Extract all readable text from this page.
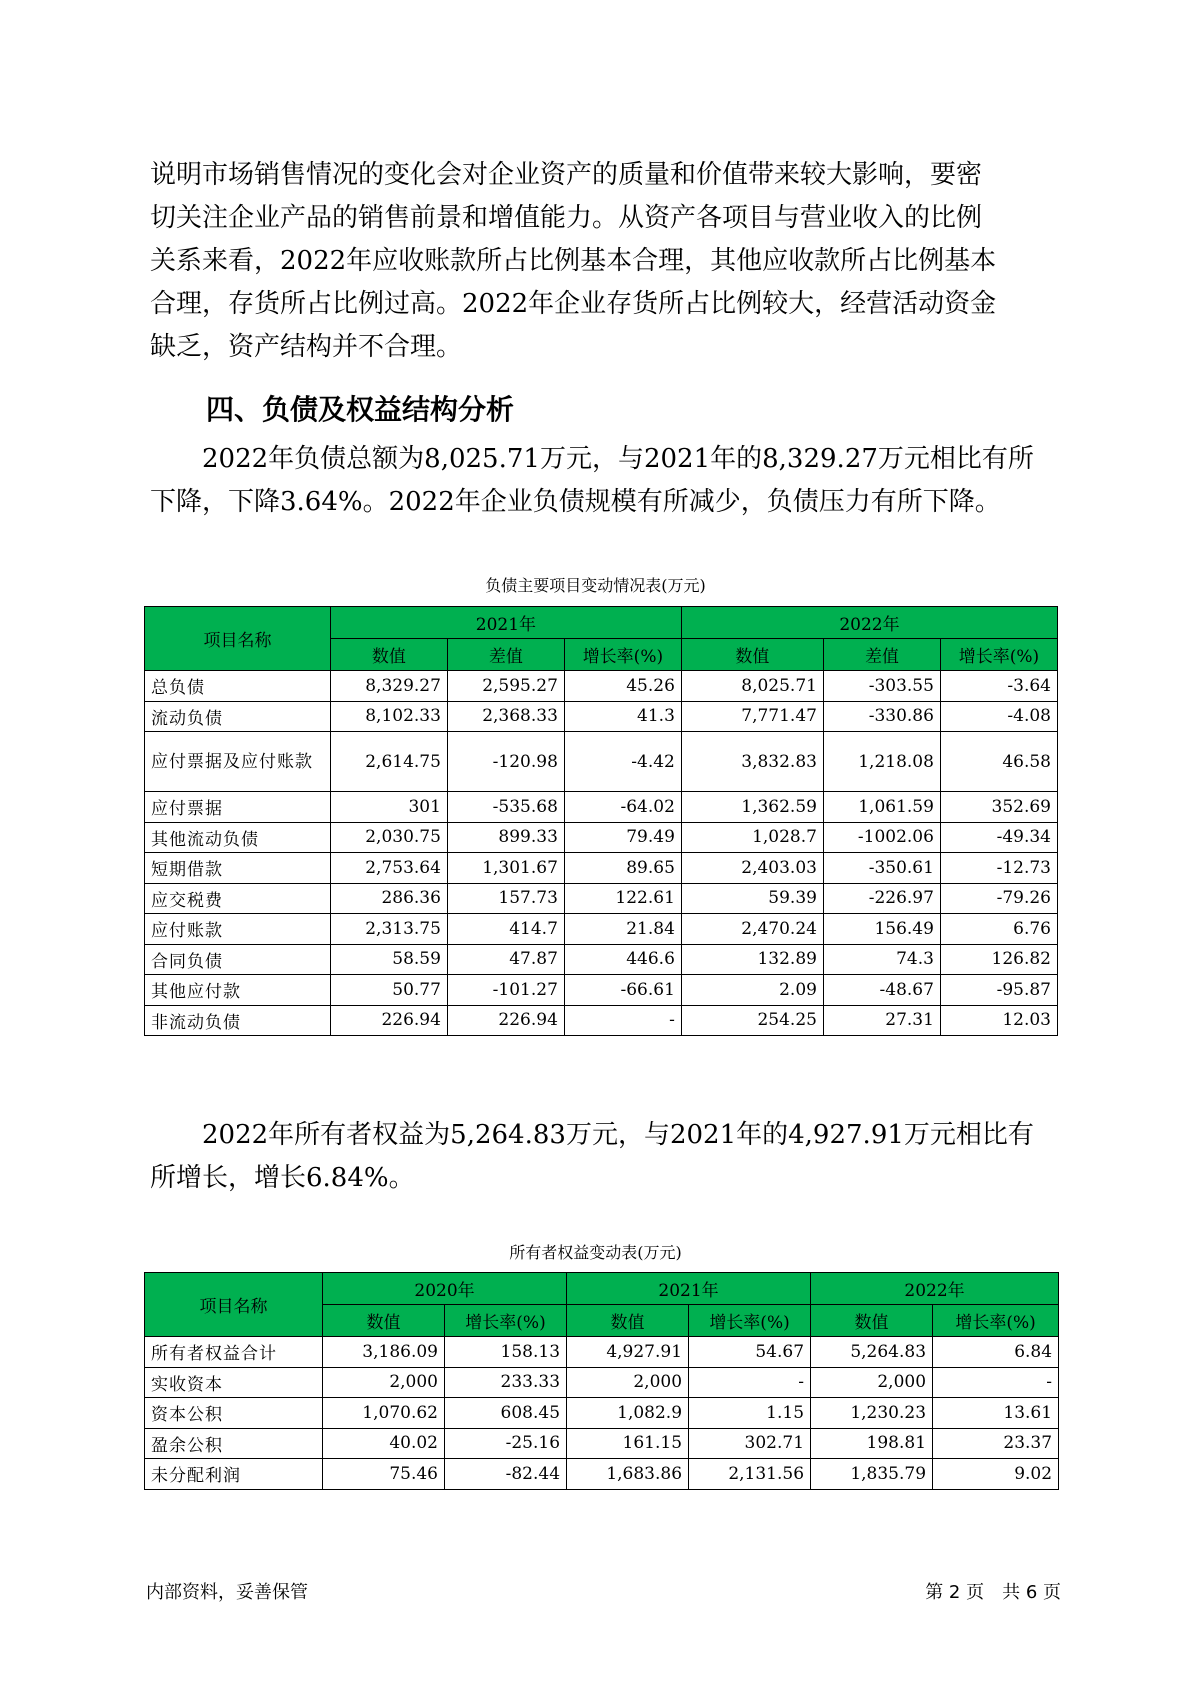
说明市场销售情况的变化会对企业资产的质量和价值带来较大影响，要密
切关注企业产品的销售前景和增值能力。从资产各项目与营业收入的比例
关系来看，2022年应收账款所占比例基本合理，其他应收款所占比例基本
合理，存货所占比例过高。2022年企业存货所占比例较大，经营活动资金
缺乏，资产结构并不合理。
四、负债及权益结构分析
　　2022年负债总额为8,025.71万元，与2021年的8,329.27万元相比有所
下降，下降3.64%。2022年企业负债规模有所减少，负债压力有所下降。
负债主要项目变动情况表(万元)
项目名称	2021年			2022年		
	数值	差值	增长率(%)	数值	差值	增长率(%)
总负债	8,329.27	2,595.27	45.26	8,025.71	-303.55	-3.64
流动负债	8,102.33	2,368.33	41.3	7,771.47	-330.86	-4.08
应付票据及应付账款	2,614.75	-120.98	-4.42	3,832.83	1,218.08	46.58
应付票据	301	-535.68	-64.02	1,362.59	1,061.59	352.69
其他流动负债	2,030.75	899.33	79.49	1,028.7	-1002.06	-49.34
短期借款	2,753.64	1,301.67	89.65	2,403.03	-350.61	-12.73
应交税费	286.36	157.73	122.61	59.39	-226.97	-79.26
应付账款	2,313.75	414.7	21.84	2,470.24	156.49	6.76
合同负债	58.59	47.87	446.6	132.89	74.3	126.82
其他应付款	50.77	-101.27	-66.61	2.09	-48.67	-95.87
非流动负债	226.94	226.94	-	254.25	27.31	12.03
　　2022年所有者权益为5,264.83万元，与2021年的4,927.91万元相比有
所增长，增长6.84%。
所有者权益变动表(万元)
项目名称	2020年		2021年		2022年	
	数值	增长率(%)	数值	增长率(%)	数值	增长率(%)
所有者权益合计	3,186.09	158.13	4,927.91	54.67	5,264.83	6.84
实收资本	2,000	233.33	2,000	-	2,000	-
资本公积	1,070.62	608.45	1,082.9	1.15	1,230.23	13.61
盈余公积	40.02	-25.16	161.15	302.71	198.81	23.37
未分配利润	75.46	-82.44	1,683.86	2,131.56	1,835.79	9.02
内部资料，妥善保管	第 2 页　共 6 页
